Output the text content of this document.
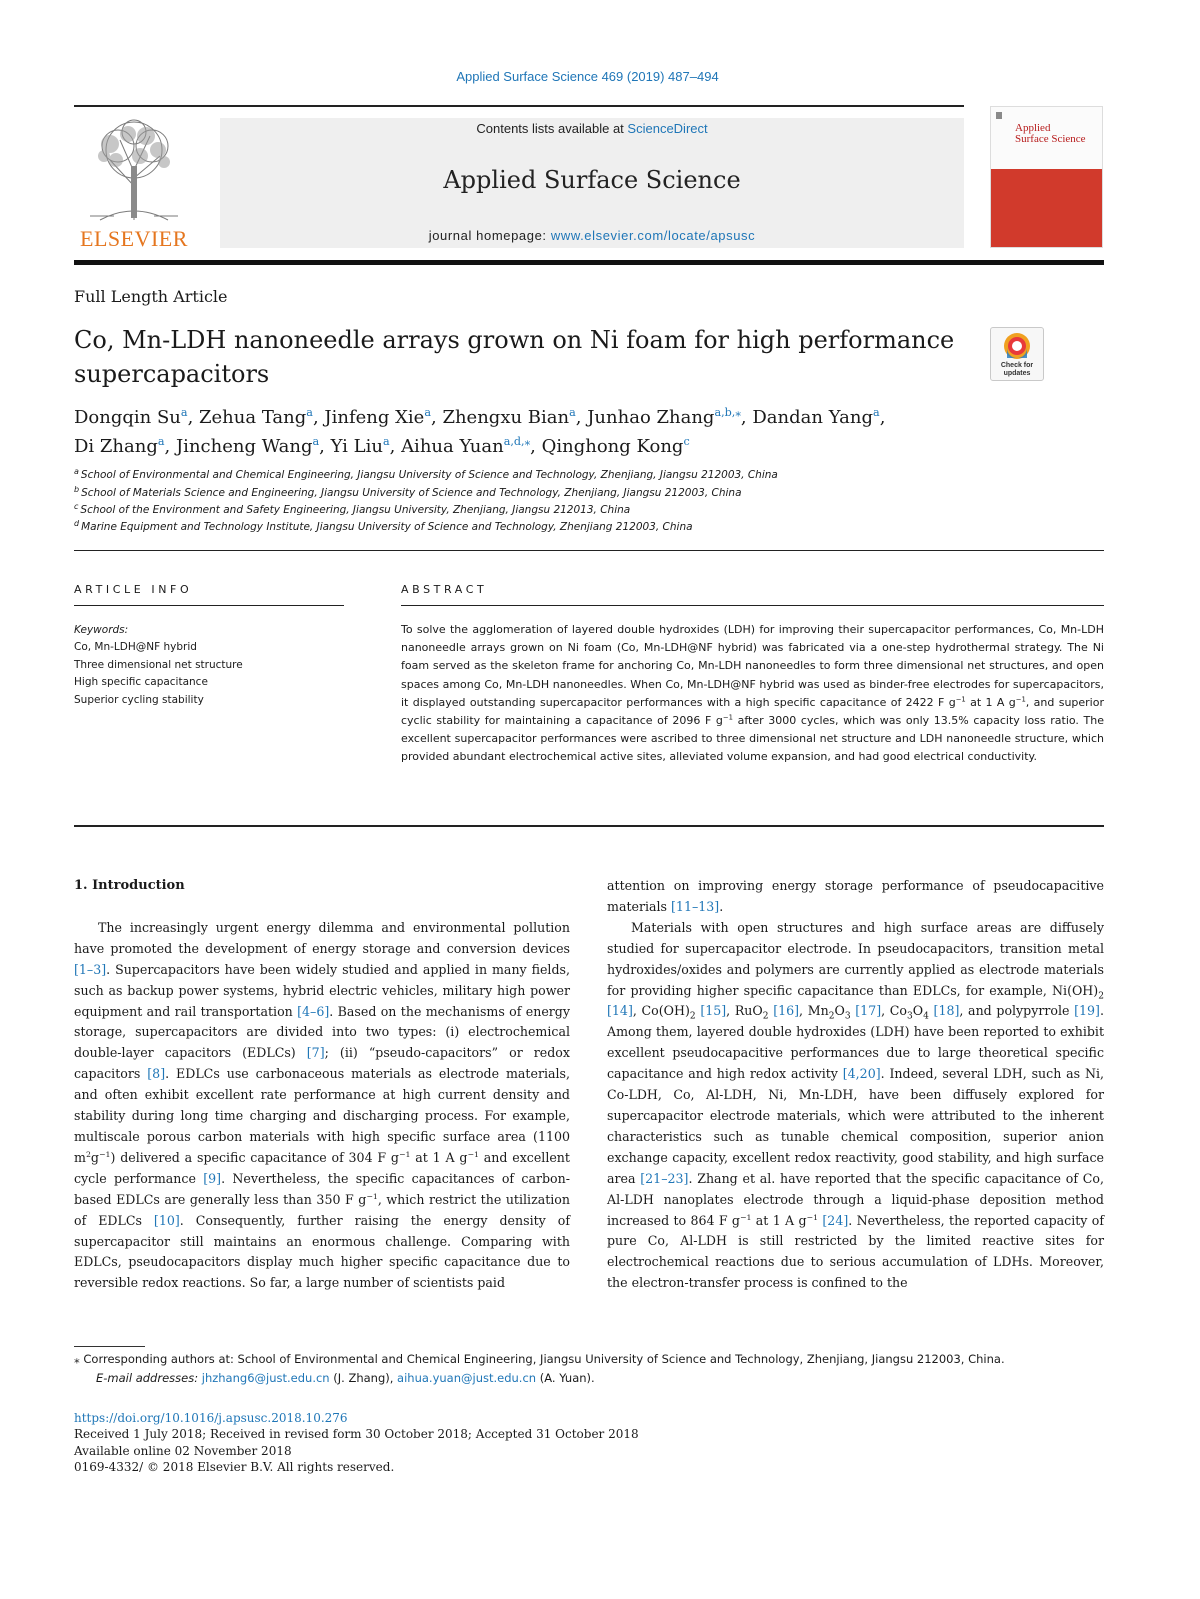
Applied Surface Science 469 (2019) 487–494
ELSEVIER
Contents lists available at ScienceDirect
Applied Surface Science
journal homepage: www.elsevier.com/locate/apsusc
Applied
Surface Science
Full Length Article
Co, Mn-LDH nanoneedle arrays grown on Ni foam for high performance supercapacitors	Check for updates
Dongqin Su$^a$, Zehua Tang$^a$, Jinfeng Xie$^a$, Zhengxu Bian$^a$, Junhao Zhang$^{a,b,⁎}$, Dandan Yang$^a$,
Di Zhang$^a$, Jincheng Wang$^a$, Yi Liu$^a$, Aihua Yuan$^{a,d,⁎}$, Qinghong Kong$^c$
$^a$ School of Environmental and Chemical Engineering, Jiangsu University of Science and Technology, Zhenjiang, Jiangsu 212003, China
$^b$ School of Materials Science and Engineering, Jiangsu University of Science and Technology, Zhenjiang, Jiangsu 212003, China
$^c$ School of the Environment and Safety Engineering, Jiangsu University, Zhenjiang, Jiangsu 212013, China
$^d$ Marine Equipment and Technology Institute, Jiangsu University of Science and Technology, Zhenjiang 212003, China
ARTICLE INFO	ABSTRACT
Keywords:
Co, Mn-LDH@NF hybrid
Three dimensional net structure
High specific capacitance
Superior cycling stability
To solve the agglomeration of layered double hydroxides (LDH) for improving their supercapacitor performances, Co, Mn-LDH nanoneedle arrays grown on Ni foam (Co, Mn-LDH@NF hybrid) was fabricated via a one-step hydrothermal strategy. The Ni foam served as the skeleton frame for anchoring Co, Mn-LDH nanoneedles to form three dimensional net structures, and open spaces among Co, Mn-LDH nanoneedles. When Co, Mn-LDH@NF hybrid was used as binder-free electrodes for supercapacitors, it displayed outstanding supercapacitor performances with a high specific capacitance of 2422 F $g^{-1}$ at 1 A $g^{-1}$, and superior cyclic stability for maintaining a capacitance of 2096 F $g^{-1}$ after 3000 cycles, which was only 13.5% capacity loss ratio. The excellent supercapacitor performances were ascribed to three dimensional net structure and LDH nanoneedle structure, which provided abundant electrochemical active sites, alleviated volume expansion, and had good electrical conductivity.

1. Introduction

The increasingly urgent energy dilemma and environmental pollution have promoted the development of energy storage and conversion devices [1–3]. Supercapacitors have been widely studied and applied in many fields, such as backup power systems, hybrid electric vehicles, military high power equipment and rail transportation [4–6]. Based on the mechanisms of energy storage, supercapacitors are divided into two types: (i) electrochemical double-layer capacitors (EDLCs) [7]; (ii) “pseudo-capacitors” or redox capacitors [8]. EDLCs use carbonaceous materials as electrode materials, and often exhibit excellent rate performance at high current density and stability during long time charging and discharging process. For example, multiscale porous carbon materials with high specific surface area (1100 $m^2g^{-1}$) delivered a specific capacitance of 304 F $g^{-1}$ at 1 A $g^{-1}$ and excellent cycle performance [9]. Nevertheless, the specific capacitances of carbon-based EDLCs are generally less than 350 F $g^{-1}$, which restrict the utilization of EDLCs [10]. Consequently, further raising the energy density of supercapacitor still maintains an enormous challenge. Comparing with EDLCs, pseudocapacitors display much higher specific capacitance due to reversible redox reactions. So far, a large number of scientists paid

attention on improving energy storage performance of pseudocapacitive materials [11–13].

Materials with open structures and high surface areas are diffusely studied for supercapacitor electrode. In pseudocapacitors, transition metal hydroxides/oxides and polymers are currently applied as electrode materials for providing higher specific capacitance than EDLCs, for example, $Ni(OH)_2$ [14], $Co(OH)_2$ [15], RuO$_2$ [16], $Mn_2O_3$ [17], $Co_3O_4$ [18], and polypyrrole [19]. Among them, layered double hydroxides (LDH) have been reported to exhibit excellent pseudocapacitive performances due to large theoretical specific capacitance and high redox activity [4,20]. Indeed, several LDH, such as Ni, Co-LDH, Co, Al-LDH, Ni, Mn-LDH, have been diffusely explored for supercapacitor electrode materials, which were attributed to the inherent characteristics such as tunable chemical composition, superior anion exchange capacity, excellent redox reactivity, good stability, and high surface area [21–23]. Zhang et al. have reported that the specific capacitance of Co, Al-LDH nanoplates electrode through a liquid-phase deposition method increased to 864 F $g^{-1}$ at 1 A $g^{-1}$ [24]. Nevertheless, the reported capacity of pure Co, Al-LDH is still restricted by the limited reactive sites for electrochemical reactions due to serious accumulation of LDHs. Moreover, the electron-transfer process is confined to the

⁎ Corresponding authors at: School of Environmental and Chemical Engineering, Jiangsu University of Science and Technology, Zhenjiang, Jiangsu 212003, China.
E-mail addresses: jhzhang6@just.edu.cn (J. Zhang), aihua.yuan@just.edu.cn (A. Yuan).
https://doi.org/10.1016/j.apsusc.2018.10.276
Received 1 July 2018; Received in revised form 30 October 2018; Accepted 31 October 2018
Available online 02 November 2018
0169-4332/ © 2018 Elsevier B.V. All rights reserved.
